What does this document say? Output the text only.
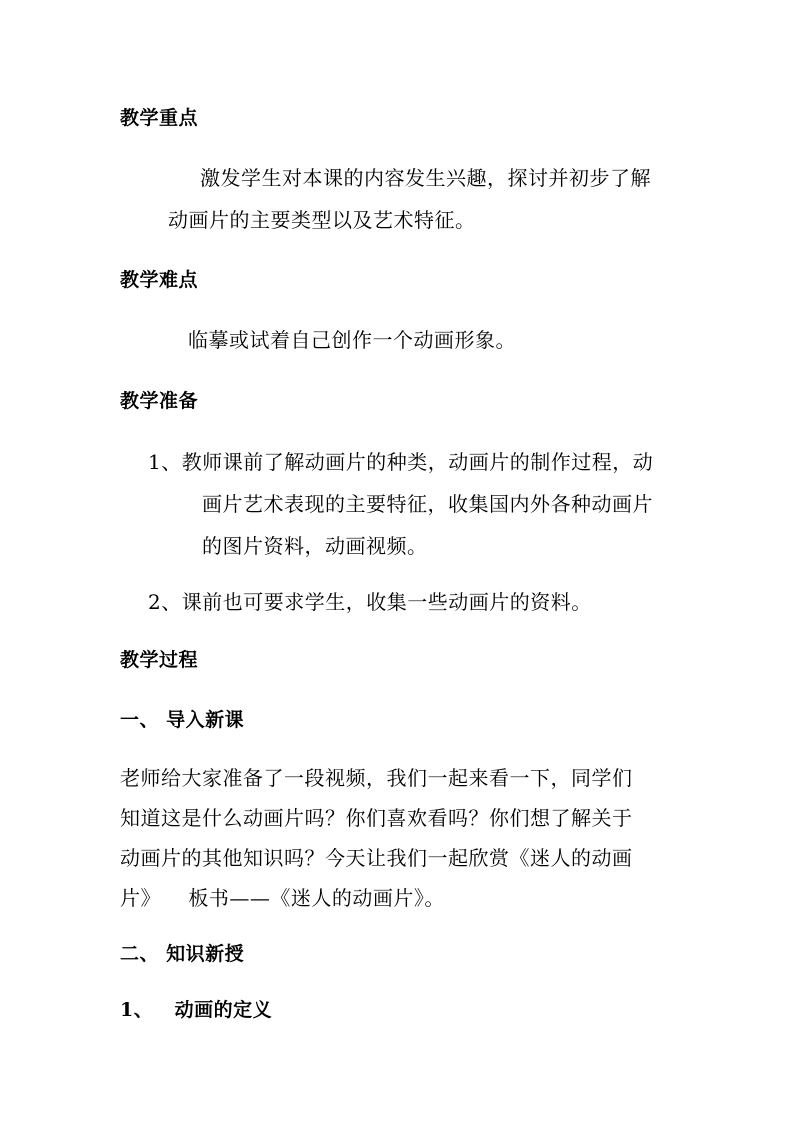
教学重点
激发学生对本课的内容发生兴趣，探讨并初步了解
动画片的主要类型以及艺术特征。
教学难点
临摹或试着自己创作一个动画形象。
教学准备
1、教师课前了解动画片的种类，动画片的制作过程，动
画片艺术表现的主要特征，收集国内外各种动画片
的图片资料，动画视频。
2、课前也可要求学生，收集一些动画片的资料。
教学过程
一、 导入新课
老师给大家准备了一段视频，我们一起来看一下，同学们
知道这是什么动画片吗？你们喜欢看吗？你们想了解关于
动画片的其他知识吗？今天让我们一起欣赏《迷人的动画
片》    板书——《迷人的动画片》。
二、 知识新授
1、   动画的定义
